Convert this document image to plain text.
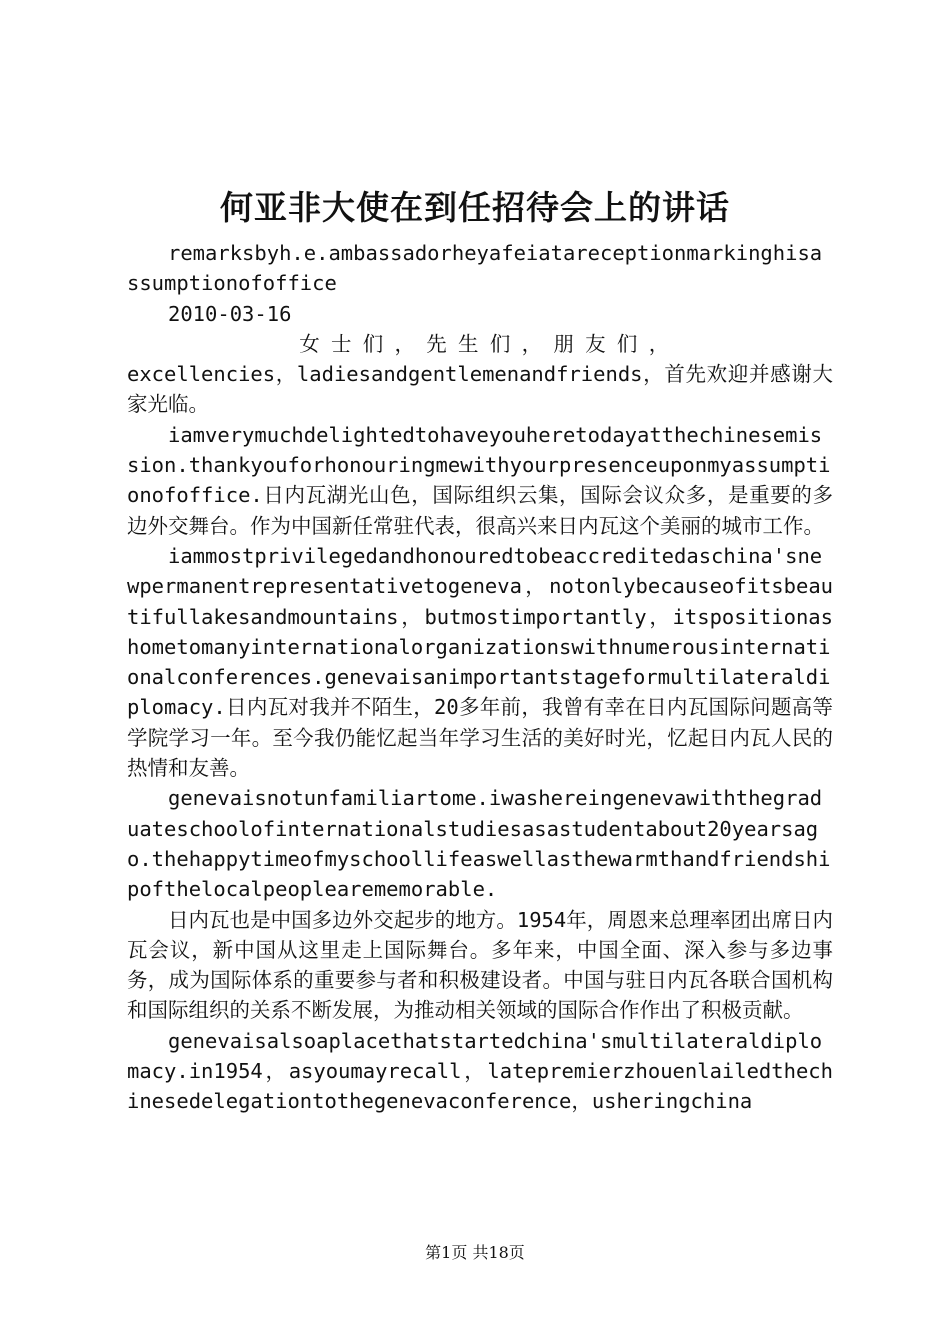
何亚非大使在到任招待会上的讲话

remarksbyh.e.ambassadorheyafeiatareceptionmarkinghisassumptionofoffice

2010-03-16

女士们，先生们，朋友们，

excellencies，ladiesandgentlemenandfriends，首先欢迎并感谢大家光临。

iamverymuchdelightedtohaveyouheretodayatthechinesemission.thankyouforhonouringmewithyourpresenceuponmyassumptionofoffice.日内瓦湖光山色，国际组织云集，国际会议众多，是重要的多边外交舞台。作为中国新任常驻代表，很高兴来日内瓦这个美丽的城市工作。

iammostprivilegedandhonouredtobeaccreditedaschina'snewpermanentrepresentativetogeneva，notonlybecauseofitsbeautifullakesandmountains，butmostimportantly，itspositionashometomanyinternationalorganizationswithnumerousinternationalconferences.genevaisanimportantstageformultilateraldiplomacy.日内瓦对我并不陌生，20多年前，我曾有幸在日内瓦国际问题高等学院学习一年。至今我仍能忆起当年学习生活的美好时光，忆起日内瓦人民的热情和友善。

genevaisnotunfamiliartome.iwashereingenevawiththegraduateschoolofinternationalstudiesasastudentabout20yearsago.thehappytimeofmyschoollifeaswellasthewarmthandfriendshipofthelocalpeoplearememorable.

日内瓦也是中国多边外交起步的地方。1954年，周恩来总理率团出席日内瓦会议，新中国从这里走上国际舞台。多年来，中国全面、深入参与多边事务，成为国际体系的重要参与者和积极建设者。中国与驻日内瓦各联合国机构和国际组织的关系不断发展，为推动相关领域的国际合作作出了积极贡献。

genevaisalsoaplacethatstartedchina'smultilateraldiplomacy.in1954，asyoumayrecall，latepremierzhouenlailedthechinesedelegationtothegenevaconference，usheringchina

第1页 共18页
